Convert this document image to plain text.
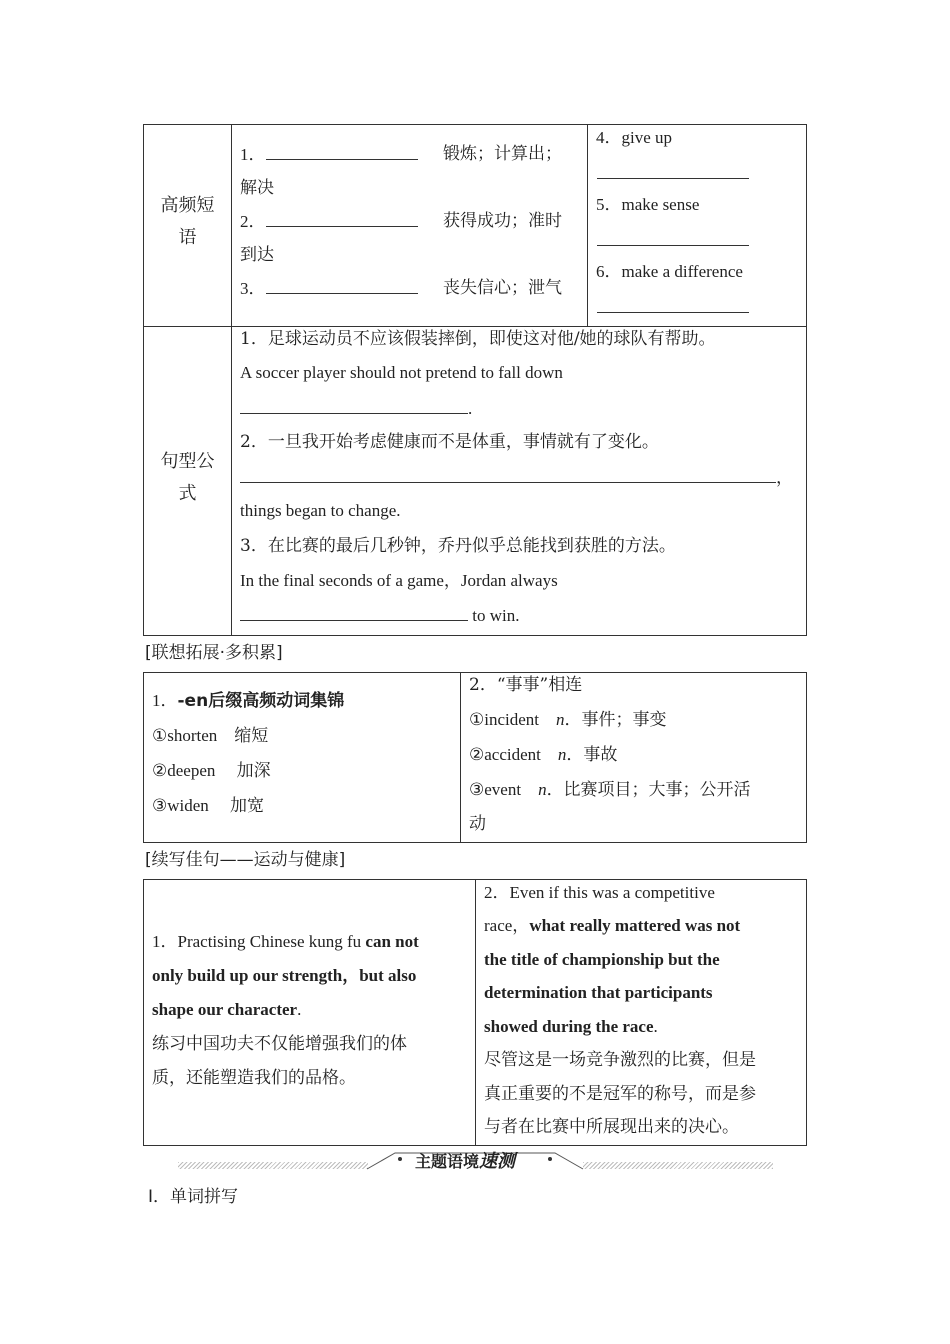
高频短语
1．	锻炼；计算出；
解决
2．	获得成功；准时
到达
3．	丧失信心；泄气
4．give up
5．make sense
6．make a difference
句型公式
1．足球运动员不应该假装摔倒，即使这对他/她的球队有帮助。
A soccer player should not pretend to fall down
.
2．一旦我开始考虑健康而不是体重，事情就有了变化。
，
things began to change.
3．在比赛的最后几秒钟，乔丹似乎总能找到获胜的方法。
In the final seconds of a game，Jordan always
to win.
[联想拓展·多积累]
1．-en后缀高频动词集锦
①shorten　缩短
②deepen　 加深
③widen　 加宽
2．“事事”相连
①incident　 n．事件；事变
②accident　 n．事故
③event　 n．比赛项目；大事；公开活
动
[续写佳句——运动与健康]
1．Practising Chinese kung fu can not
only build up our strength，but also
shape our character.
练习中国功夫不仅能增强我们的体
质，还能塑造我们的品格。
2．Even if this was a competitive
race，what really mattered was not
the title of championship but the
determination that participants
showed during the race.
尽管这是一场竞争激烈的比赛，但是
真正重要的不是冠军的称号，而是参
与者在比赛中所展现出来的决心。
主题语境速测
Ⅰ．单词拼写
